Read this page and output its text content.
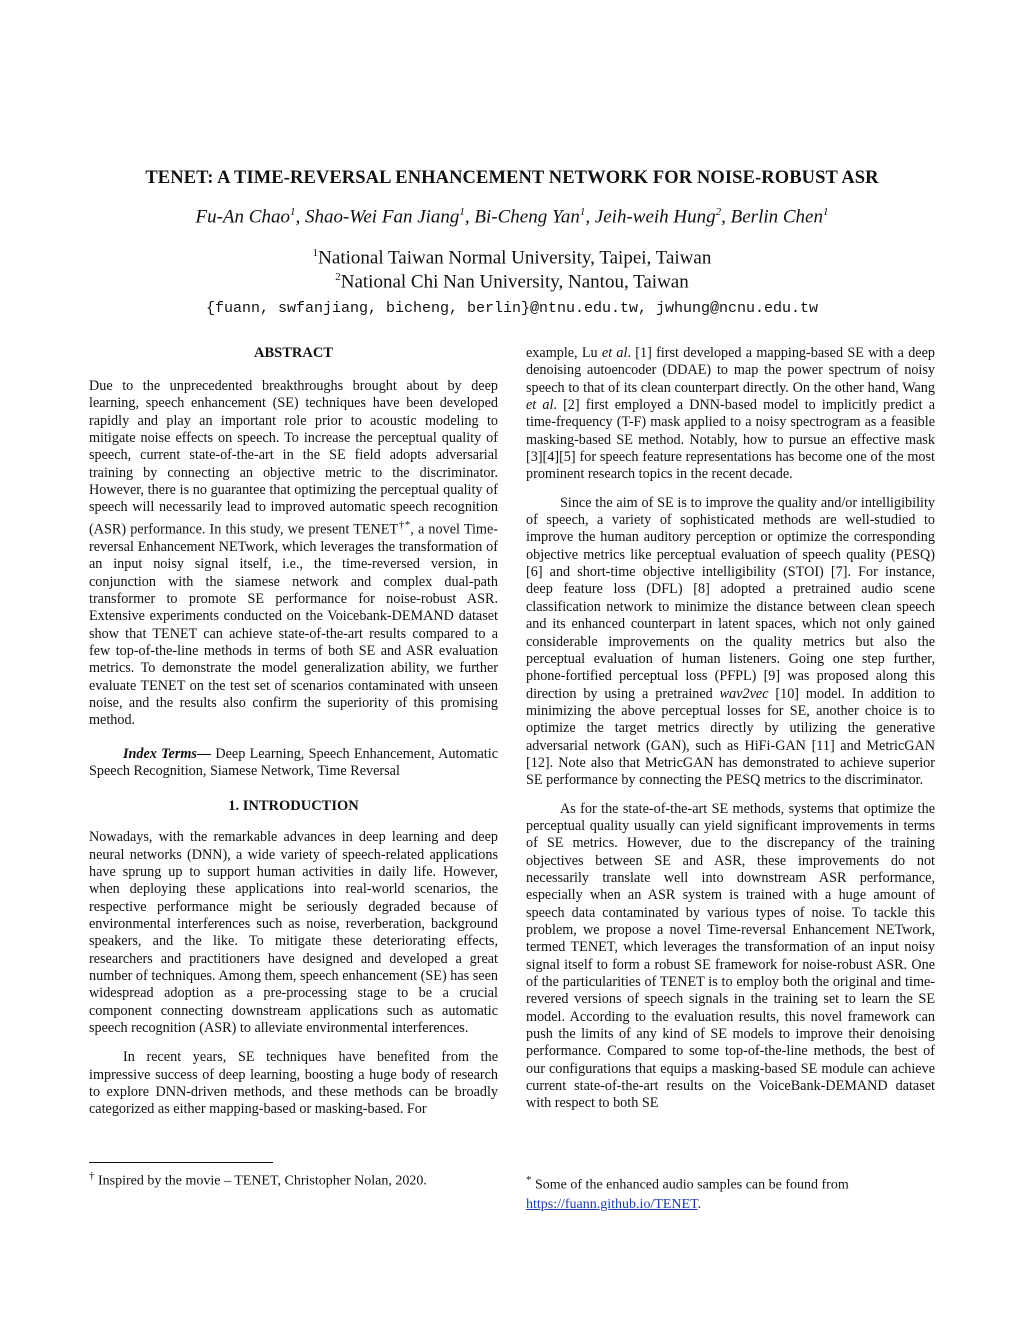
TENET: A TIME-REVERSAL ENHANCEMENT NETWORK FOR NOISE-ROBUST ASR
Fu-An Chao$^1$, Shao-Wei Fan Jiang$^1$, Bi-Cheng Yan$^1$, Jeih-weih Hung$^2$, Berlin Chen$^1$
$^1$National Taiwan Normal University, Taipei, Taiwan
$^2$National Chi Nan University, Nantou, Taiwan
{fuann, swfanjiang, bicheng, berlin}@ntnu.edu.tw, jwhung@ncnu.edu.tw
ABSTRACT

Due to the unprecedented breakthroughs brought about by deep learning, speech enhancement (SE) techniques have been developed rapidly and play an important role prior to acoustic modeling to mitigate noise effects on speech. To increase the perceptual quality of speech, current state-of-the-art in the SE field adopts adversarial training by connecting an objective metric to the discriminator. However, there is no guarantee that optimizing the perceptual quality of speech will necessarily lead to improved automatic speech recognition (ASR) performance. In this study, we present TENET†*, a novel Time-reversal Enhancement NETwork, which leverages the transformation of an input noisy signal itself, i.e., the time-reversed version, in conjunction with the siamese network and complex dual-path transformer to promote SE performance for noise-robust ASR. Extensive experiments conducted on the Voicebank-DEMAND dataset show that TENET can achieve state-of-the-art results compared to a few top-of-the-line methods in terms of both SE and ASR evaluation metrics. To demonstrate the model generalization ability, we further evaluate TENET on the test set of scenarios contaminated with unseen noise, and the results also confirm the superiority of this promising method.

Index Terms— Deep Learning, Speech Enhancement, Automatic Speech Recognition, Siamese Network, Time Reversal

1. INTRODUCTION

Nowadays, with the remarkable advances in deep learning and deep neural networks (DNN), a wide variety of speech-related applications have sprung up to support human activities in daily life. However, when deploying these applications into real-world scenarios, the respective performance might be seriously degraded because of environmental interferences such as noise, reverberation, background speakers, and the like. To mitigate these deteriorating effects, researchers and practitioners have designed and developed a great number of techniques. Among them, speech enhancement (SE) has seen widespread adoption as a pre-processing stage to be a crucial component connecting downstream applications such as automatic speech recognition (ASR) to alleviate environmental interferences.

In recent years, SE techniques have benefited from the impressive success of deep learning, boosting a huge body of research to explore DNN-driven methods, and these methods can be broadly categorized as either mapping-based or masking-based. For

example, Lu et al. [1] first developed a mapping-based SE with a deep denoising autoencoder (DDAE) to map the power spectrum of noisy speech to that of its clean counterpart directly. On the other hand, Wang et al. [2] first employed a DNN-based model to implicitly predict a time-frequency (T-F) mask applied to a noisy spectrogram as a feasible masking-based SE method. Notably, how to pursue an effective mask [3][4][5] for speech feature representations has become one of the most prominent research topics in the recent decade.

Since the aim of SE is to improve the quality and/or intelligibility of speech, a variety of sophisticated methods are well-studied to improve the human auditory perception or optimize the corresponding objective metrics like perceptual evaluation of speech quality (PESQ) [6] and short-time objective intelligibility (STOI) [7]. For instance, deep feature loss (DFL) [8] adopted a pretrained audio scene classification network to minimize the distance between clean speech and its enhanced counterpart in latent spaces, which not only gained considerable improvements on the quality metrics but also the perceptual evaluation of human listeners. Going one step further, phone-fortified perceptual loss (PFPL) [9] was proposed along this direction by using a pretrained wav2vec [10] model. In addition to minimizing the above perceptual losses for SE, another choice is to optimize the target metrics directly by utilizing the generative adversarial network (GAN), such as HiFi-GAN [11] and MetricGAN [12]. Note also that MetricGAN has demonstrated to achieve superior SE performance by connecting the PESQ metrics to the discriminator.

As for the state-of-the-art SE methods, systems that optimize the perceptual quality usually can yield significant improvements in terms of SE metrics. However, due to the discrepancy of the training objectives between SE and ASR, these improvements do not necessarily translate well into downstream ASR performance, especially when an ASR system is trained with a huge amount of speech data contaminated by various types of noise. To tackle this problem, we propose a novel Time-reversal Enhancement NETwork, termed TENET, which leverages the transformation of an input noisy signal itself to form a robust SE framework for noise-robust ASR. One of the particularities of TENET is to employ both the original and time-revered versions of speech signals in the training set to learn the SE model. According to the evaluation results, this novel framework can push the limits of any kind of SE models to improve their denoising performance. Compared to some top-of-the-line methods, the best of our configurations that equips a masking-based SE module can achieve current state-of-the-art results on the VoiceBank-DEMAND dataset with respect to both SE

† Inspired by the movie – TENET, Christopher Nolan, 2020.	* Some of the enhanced audio samples can be found from
https://fuann.github.io/TENET.
